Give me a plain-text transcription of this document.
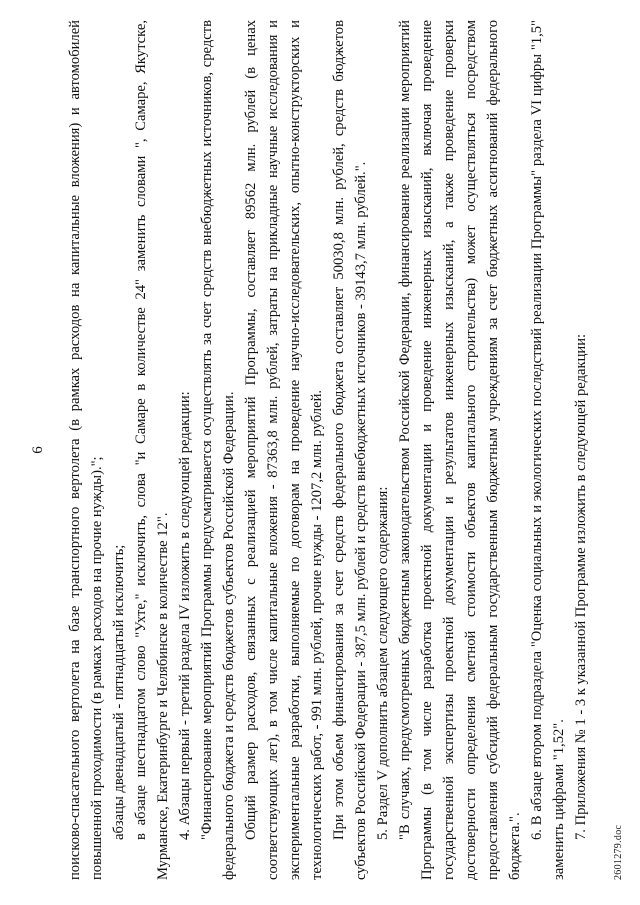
6 поисково-спасательного вертолета на базе транспортного вертолета (в рамках расходов на капитальные вложения) и автомобилей повышенной проходимости (в рамках расходов на прочие нужды)."; абзацы двенадцатый - пятнадцатый исключить; в абзаце шестнадцатом слово "Ухте," исключить, слова "и Самаре в количестве 24" заменить словами ", Самаре, Якутске, Мурманске, Екатеринбурге и Челябинске в количестве 12". 4. Абзацы первый - третий раздела IV изложить в следующей редакции: "Финансирование мероприятий Программы предусматривается осуществлять за счет средств внебюджетных источников, средств федерального бюджета и средств бюджетов субъектов Российской Федерации. Общий размер расходов, связанных с реализацией мероприятий Программы, составляет 89562 млн. рублей (в ценах соответствующих лет), в том числе капитальные вложения - 87363,8 млн. рублей, затраты на прикладные научные исследования и экспериментальные разработки, выполняемые по договорам на проведение научно-исследовательских, опытно-конструкторских и технологических работ, - 991 млн. рублей, прочие нужды - 1207,2 млн. рублей. При этом объем финансирования за счет средств федерального бюджета составляет 50030,8 млн. рублей, средств бюджетов субъектов Российской Федерации - 387,5 млн. рублей и средств внебюджетных источников - 39143,7 млн. рублей.". 5. Раздел V дополнить абзацем следующего содержания: "В случаях, предусмотренных бюджетным законодательством Российской Федерации, финансирование реализации мероприятий Программы (в том числе разработка проектной документации и проведение инженерных изысканий, включая проведение государственной экспертизы проектной документации и результатов инженерных изысканий, а также проведение проверки достоверности определения сметной стоимости объектов капитального строительства) может осуществляться посредством предоставления субсидий федеральным государственным бюджетным учреждениям за счет бюджетных ассигнований федерального бюджета.".

6. В абзаце втором подраздела "Оценка социальных и экологических последствий реализации Программы" раздела VI цифры "1,5" заменить цифрами "1,52". 7. Приложения № 1 - 3 к указанной Программе изложить в следующей редакции:

2601279.doc
